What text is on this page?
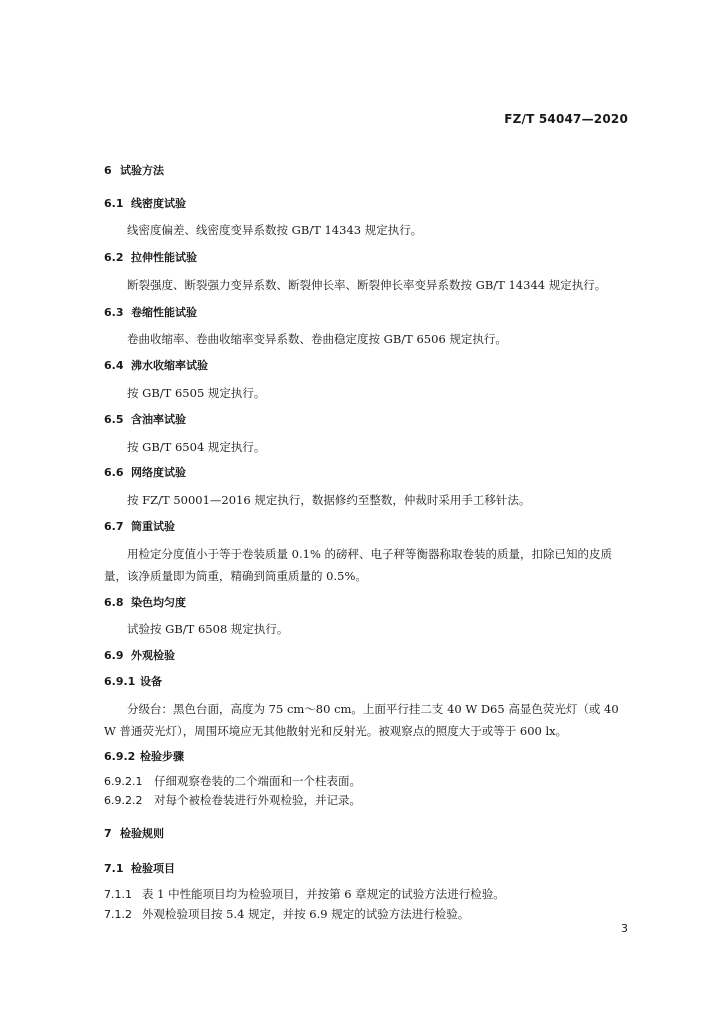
FZ/T 54047—2020
6 试验方法
6.1 线密度试验
线密度偏差、线密度变异系数按 GB/T 14343 规定执行。
6.2 拉伸性能试验
断裂强度、断裂强力变异系数、断裂伸长率、断裂伸长率变异系数按 GB/T 14344 规定执行。
6.3 卷缩性能试验
卷曲收缩率、卷曲收缩率变异系数、卷曲稳定度按 GB/T 6506 规定执行。
6.4 沸水收缩率试验
按 GB/T 6505 规定执行。
6.5 含油率试验
按 GB/T 6504 规定执行。
6.6 网络度试验
按 FZ/T 50001—2016 规定执行，数据修约至整数，仲裁时采用手工移针法。
6.7 筒重试验
用检定分度值小于等于卷装质量 0.1% 的磅秤、电子秤等衡器称取卷装的质量，扣除已知的皮质量，该净质量即为筒重，精确到筒重质量的 0.5%。
6.8 染色均匀度
试验按 GB/T 6508 规定执行。
6.9 外观检验
6.9.1 设备
分级台：黑色台面，高度为 75 cm～80 cm。上面平行挂二支 40 W D65 高显色荧光灯（或 40 W 普通荧光灯），周围环境应无其他散射光和反射光。被观察点的照度大于或等于 600 lx。
6.9.2 检验步骤
6.9.2.1 仔细观察卷装的二个端面和一个柱表面。
6.9.2.2 对每个被检卷装进行外观检验，并记录。
7 检验规则
7.1 检验项目
7.1.1 表 1 中性能项目均为检验项目，并按第 6 章规定的试验方法进行检验。
7.1.2 外观检验项目按 5.4 规定，并按 6.9 规定的试验方法进行检验。
3
